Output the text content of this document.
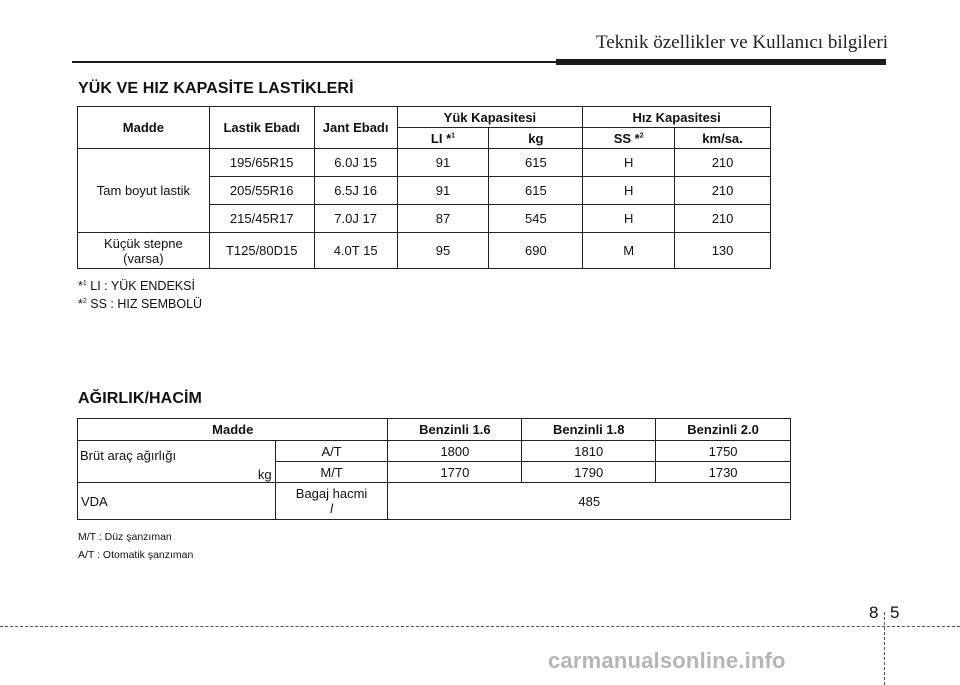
Teknik özellikler ve Kullanıcı bilgileri
YÜK VE HIZ KAPASİTE LASTİKLERİ
Madde	Lastik Ebadı	Jant Ebadı	Yük Kapasitesi		Hız Kapasitesi	
			LI *$^1$	kg	SS *$^2$	km/sa.
Tam boyut lastik	195/65R15	6.0J 15	91	615	H	210
	205/55R16	6.5J 16	91	615	H	210
	215/45R17	7.0J 17	87	545	H	210

Küçük stepne
(varsa)	T125/80D15	4.0T 15	95	690	M	130
*$^1$ LI : YÜK ENDEKSİ
*$^2$ SS : HIZ SEMBOLÜ
AĞIRLIK/HACİM
Madde		Benzinli 1.6	Benzinli 1.8	Benzinli 2.0

Brüt araç ağırlığı
kg	A/T	1800	1810	1750
	M/T	1770	1790	1730
VDA	Bagaj hacmi
l	485		
M/T : Düz şanzıman
A/T : Otomatik şanzıman
8 5
carmanualsonline.info
